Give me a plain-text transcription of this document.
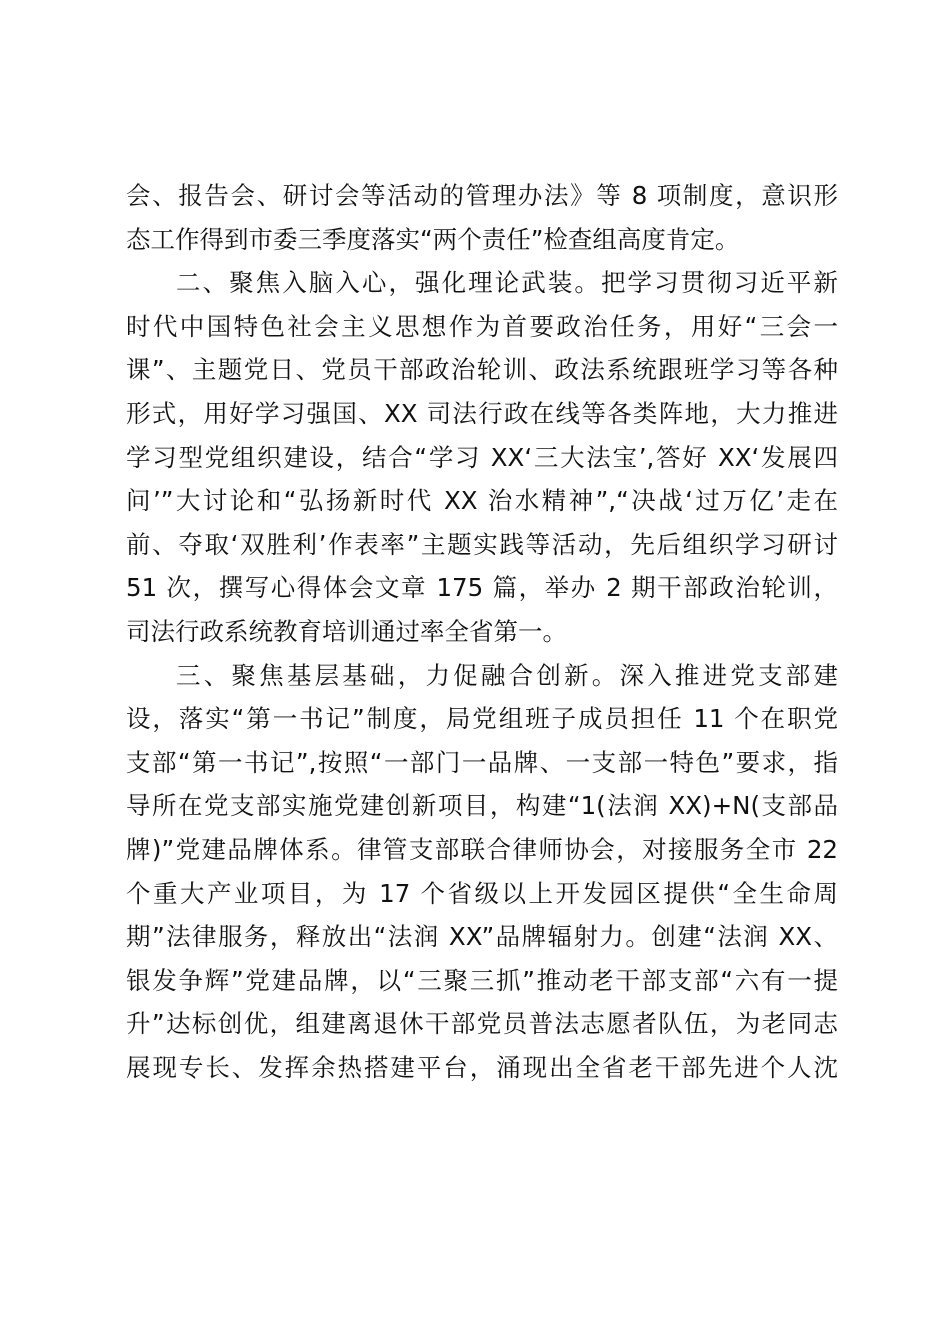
会、报告会、研讨会等活动的管理办法》等 8 项制度，意识形
态工作得到市委三季度落实“两个责任”检查组高度肯定。
二、聚焦入脑入心，强化理论武装。把学习贯彻习近平新
时代中国特色社会主义思想作为首要政治任务，用好“三会一
课”、主题党日、党员干部政治轮训、政法系统跟班学习等各种
形式，用好学习强国、XX 司法行政在线等各类阵地，大力推进
学习型党组织建设，结合“学习 XX‘三大法宝’,答好 XX‘发展四
问’”大讨论和“弘扬新时代 XX 治水精神”,“决战‘过万亿’走在
前、夺取‘双胜利’作表率”主题实践等活动，先后组织学习研讨
51 次，撰写心得体会文章 175 篇，举办 2 期干部政治轮训，
司法行政系统教育培训通过率全省第一。
三、聚焦基层基础，力促融合创新。深入推进党支部建
设，落实“第一书记”制度，局党组班子成员担任 11 个在职党
支部“第一书记”,按照“一部门一品牌、一支部一特色”要求，指
导所在党支部实施党建创新项目，构建“1(法润 XX)+N(支部品
牌)”党建品牌体系。律管支部联合律师协会，对接服务全市 22
个重大产业项目，为 17 个省级以上开发园区提供“全生命周
期”法律服务，释放出“法润 XX”品牌辐射力。创建“法润 XX、
银发争辉”党建品牌，以“三聚三抓”推动老干部支部“六有一提
升”达标创优，组建离退休干部党员普法志愿者队伍，为老同志
展现专长、发挥余热搭建平台，涌现出全省老干部先进个人沈
